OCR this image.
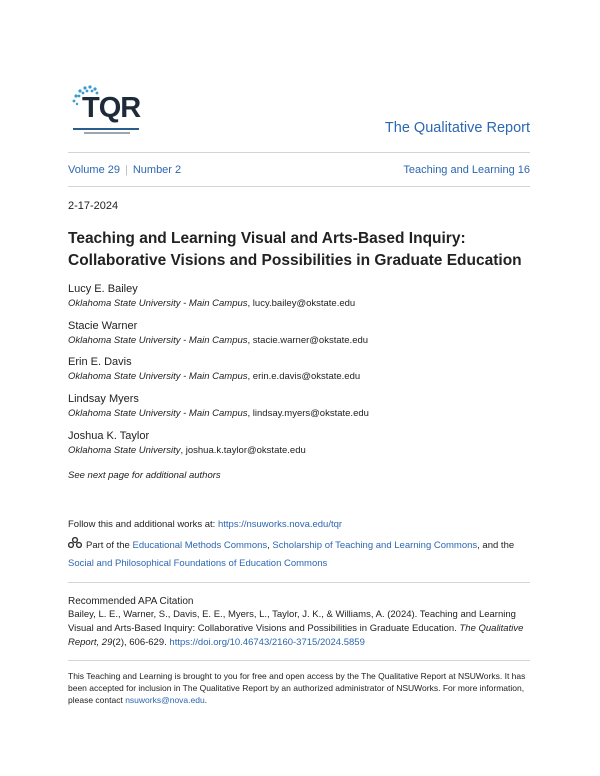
TQR
The Qualitative Report
Volume 29 | Number 2	Teaching and Learning 16
2-17-2024
Teaching and Learning Visual and Arts-Based Inquiry: Collaborative Visions and Possibilities in Graduate Education
Lucy E. Bailey
Oklahoma State University - Main Campus, lucy.bailey@okstate.edu
Stacie Warner
Oklahoma State University - Main Campus, stacie.warner@okstate.edu
Erin E. Davis
Oklahoma State University - Main Campus, erin.e.davis@okstate.edu
Lindsay Myers
Oklahoma State University - Main Campus, lindsay.myers@okstate.edu
Joshua K. Taylor
Oklahoma State University, joshua.k.taylor@okstate.edu
See next page for additional authors
Follow this and additional works at: https://nsuworks.nova.edu/tqr
Part of the Educational Methods Commons, Scholarship of Teaching and Learning Commons, and the Social and Philosophical Foundations of Education Commons
Recommended APA Citation
Bailey, L. E., Warner, S., Davis, E. E., Myers, L., Taylor, J. K., & Williams, A. (2024). Teaching and Learning Visual and Arts-Based Inquiry: Collaborative Visions and Possibilities in Graduate Education. The Qualitative Report, 29(2), 606-629. https://doi.org/10.46743/2160-3715/2024.5859
This Teaching and Learning is brought to you for free and open access by the The Qualitative Report at NSUWorks. It has been accepted for inclusion in The Qualitative Report by an authorized administrator of NSUWorks. For more information, please contact nsuworks@nova.edu.
